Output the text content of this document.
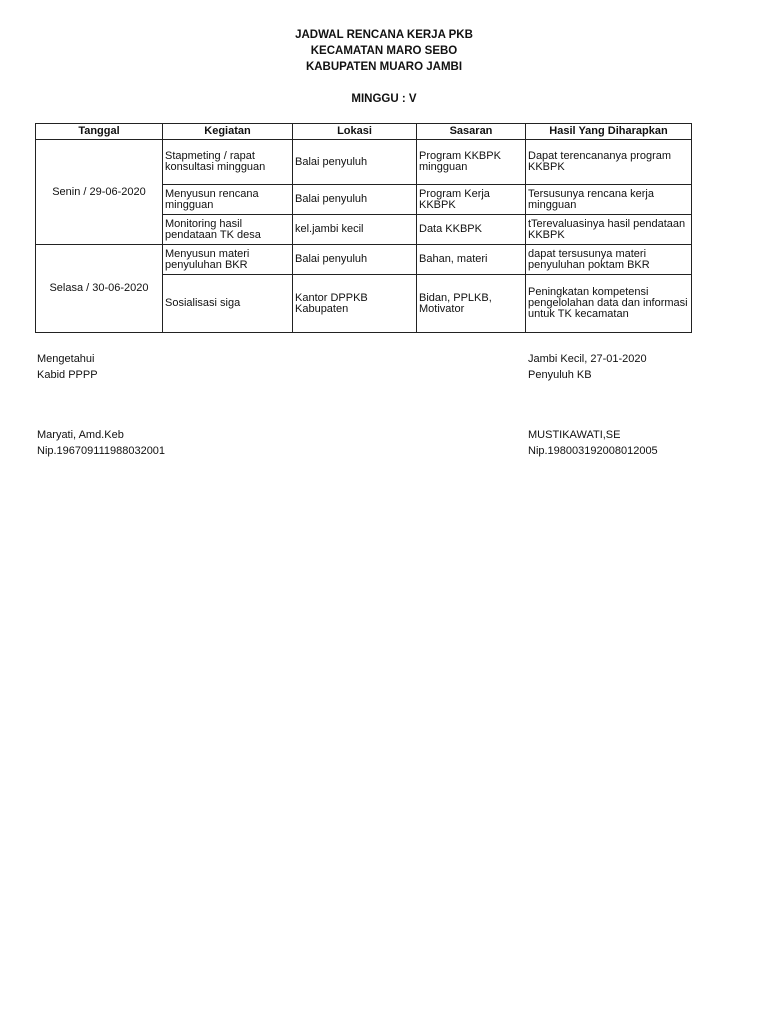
JADWAL RENCANA KERJA PKB
KECAMATAN MARO SEBO
KABUPATEN MUARO JAMBI
MINGGU : V
Tanggal	Kegiatan	Lokasi	Sasaran	Hasil Yang Diharapkan
Senin / 29-06-2020	Stapmeting / rapat konsultasi mingguan	Balai penyuluh	Program KKBPK mingguan	Dapat terencananya program KKBPK
	Menyusun rencana mingguan	Balai penyuluh	Program Kerja KKBPK	Tersusunya rencana kerja mingguan
	Monitoring hasil pendataan TK desa	kel.jambi kecil	Data KKBPK	tTerevaluasinya hasil pendataan KKBPK
Selasa / 30-06-2020	Menyusun materi penyuluhan BKR	Balai penyuluh	Bahan, materi	dapat tersusunya materi penyuluhan poktam BKR
	Sosialisasi siga	Kantor DPPKB Kabupaten	Bidan, PPLKB, Motivator	Peningkatan kompetensi pengelolahan data dan informasi untuk TK kecamatan
Mengetahui
Kabid PPPP
Maryati, Amd.Keb
Nip.196709111988032001
Jambi Kecil, 27-01-2020
Penyuluh KB
MUSTIKAWATI,SE
Nip.198003192008012005
